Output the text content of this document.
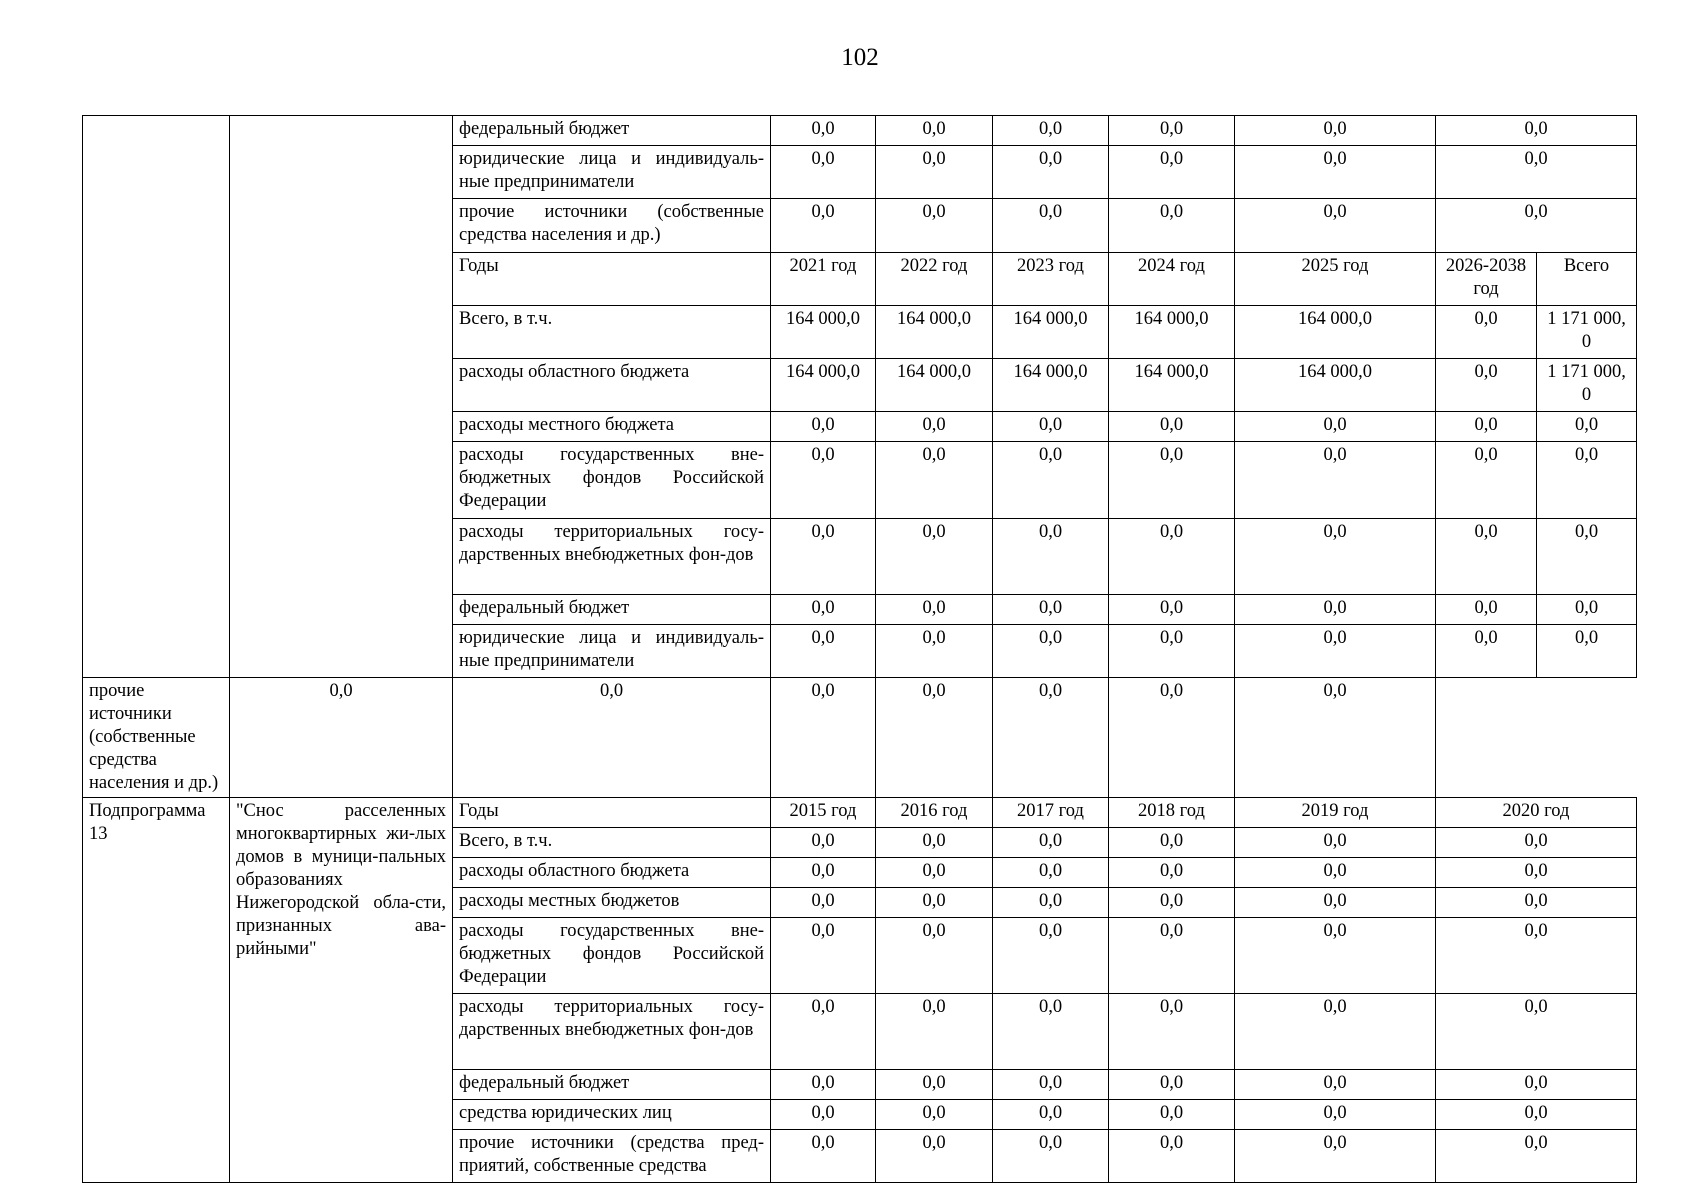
102
		федеральный бюджет	0,0	0,0	0,0	0,0	0,0	0,0	
		юридические лица и индивидуаль-ные предприниматели	0,0	0,0	0,0	0,0	0,0	0,0	
		прочие источники (собственные средства населения и др.)	0,0	0,0	0,0	0,0	0,0	0,0	
		Годы	2021 год	2022 год	2023 год	2024 год	2025 год	2026-2038 год	Всего
		Всего, в т.ч.	164 000,0	164 000,0	164 000,0	164 000,0	164 000,0	0,0	1 171 000, 0
		расходы областного бюджета	164 000,0	164 000,0	164 000,0	164 000,0	164 000,0	0,0	1 171 000, 0
		расходы местного бюджета	0,0	0,0	0,0	0,0	0,0	0,0	0,0
		расходы государственных вне-бюджетных фондов Российской Федерации	0,0	0,0	0,0	0,0	0,0	0,0	0,0
		расходы территориальных госу-дарственных внебюджетных фон-дов	0,0	0,0	0,0	0,0	0,0	0,0	0,0
		федеральный бюджет	0,0	0,0	0,0	0,0	0,0	0,0	0,0
		юридические лица и индивидуаль-ные предприниматели	0,0	0,0	0,0	0,0	0,0	0,0	0,0
прочие источники (собственные средства населения и др.)	0,0	0,0	0,0	0,0	0,0	0,0	0,0		
Подпрограмма 13	"Снос расселенных многоквартирных жи-лых домов в муници-пальных образованиях Нижегородской обла-сти, признанных ава-рийными"	Годы	2015 год	2016 год	2017 год	2018 год	2019 год	2020 год	
		Всего, в т.ч.	0,0	0,0	0,0	0,0	0,0	0,0	
		расходы областного бюджета	0,0	0,0	0,0	0,0	0,0	0,0	
		расходы местных бюджетов	0,0	0,0	0,0	0,0	0,0	0,0	
		расходы государственных вне-бюджетных фондов Российской Федерации	0,0	0,0	0,0	0,0	0,0	0,0	
		расходы территориальных госу-дарственных внебюджетных фон-дов	0,0	0,0	0,0	0,0	0,0	0,0	
		федеральный бюджет	0,0	0,0	0,0	0,0	0,0	0,0	
		средства юридических лиц	0,0	0,0	0,0	0,0	0,0	0,0	
		прочие источники (средства пред-приятий, собственные средства	0,0	0,0	0,0	0,0	0,0	0,0	
